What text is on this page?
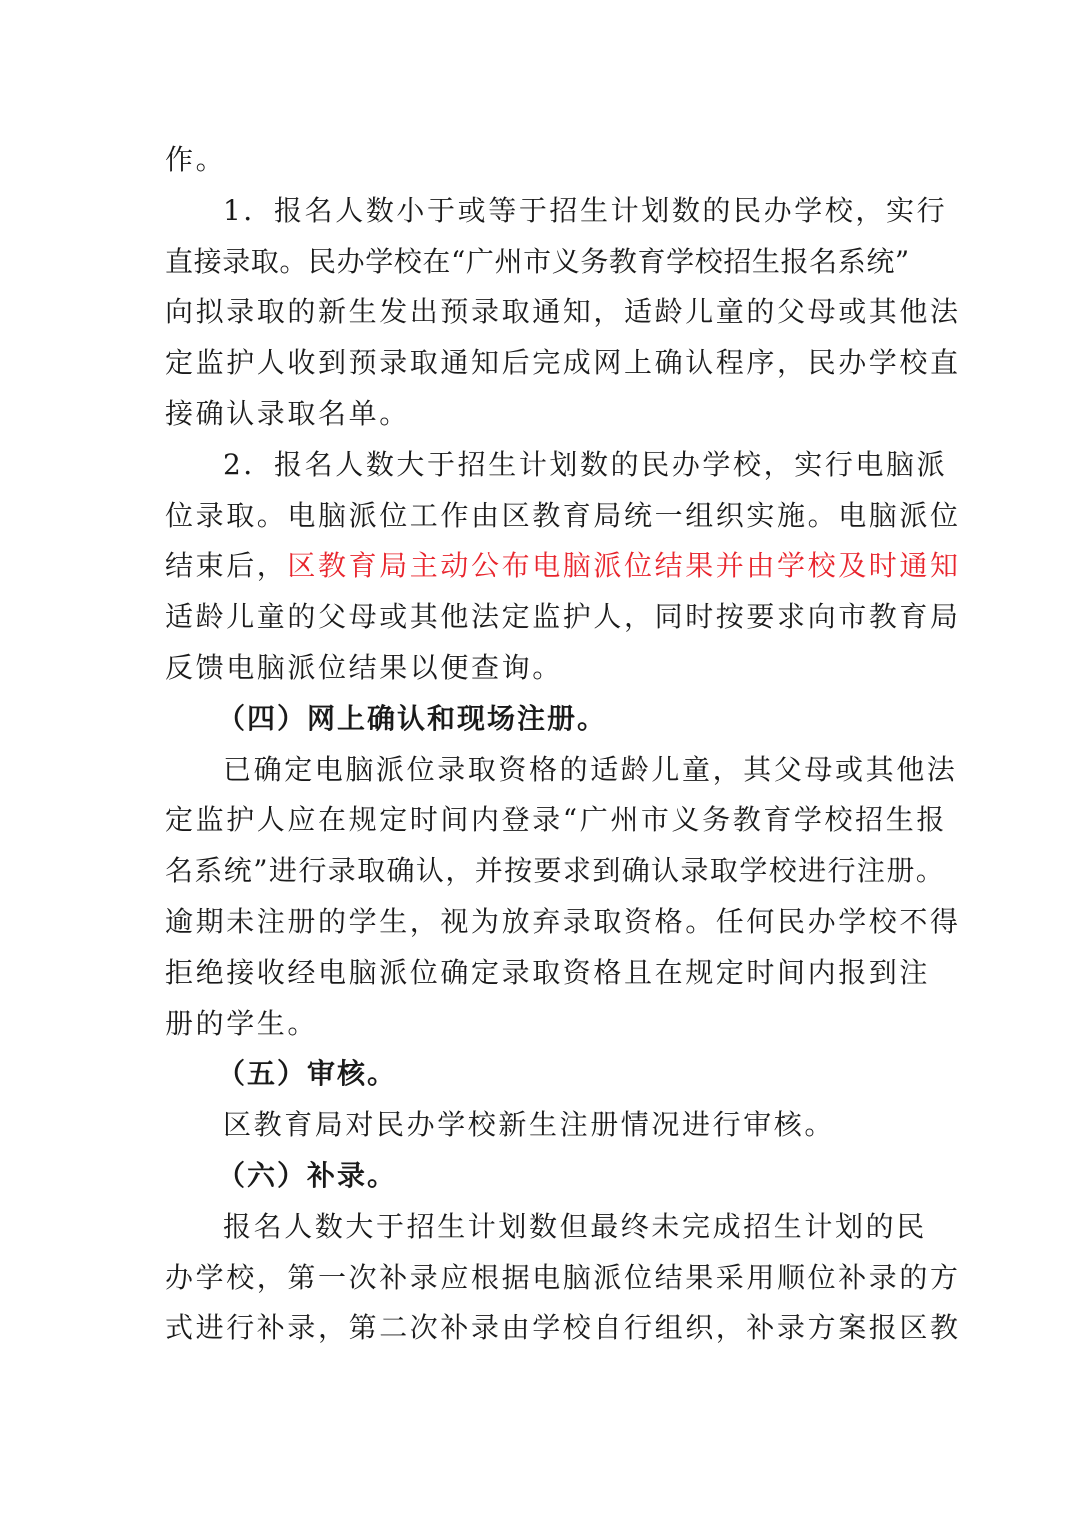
作。
1．报名人数小于或等于招生计划数的民办学校，实行
直接录取。民办学校在“广州市义务教育学校招生报名系统”
向拟录取的新生发出预录取通知，适龄儿童的父母或其他法
定监护人收到预录取通知后完成网上确认程序，民办学校直
接确认录取名单。
2．报名人数大于招生计划数的民办学校，实行电脑派
位录取。电脑派位工作由区教育局统一组织实施。电脑派位
结束后，区教育局主动公布电脑派位结果并由学校及时通知
适龄儿童的父母或其他法定监护人，同时按要求向市教育局
反馈电脑派位结果以便查询。
（四）网上确认和现场注册。
已确定电脑派位录取资格的适龄儿童，其父母或其他法
定监护人应在规定时间内登录“广州市义务教育学校招生报
名系统”进行录取确认，并按要求到确认录取学校进行注册。
逾期未注册的学生，视为放弃录取资格。任何民办学校不得
拒绝接收经电脑派位确定录取资格且在规定时间内报到注
册的学生。
（五）审核。
区教育局对民办学校新生注册情况进行审核。
（六）补录。
报名人数大于招生计划数但最终未完成招生计划的民
办学校，第一次补录应根据电脑派位结果采用顺位补录的方
式进行补录，第二次补录由学校自行组织，补录方案报区教
